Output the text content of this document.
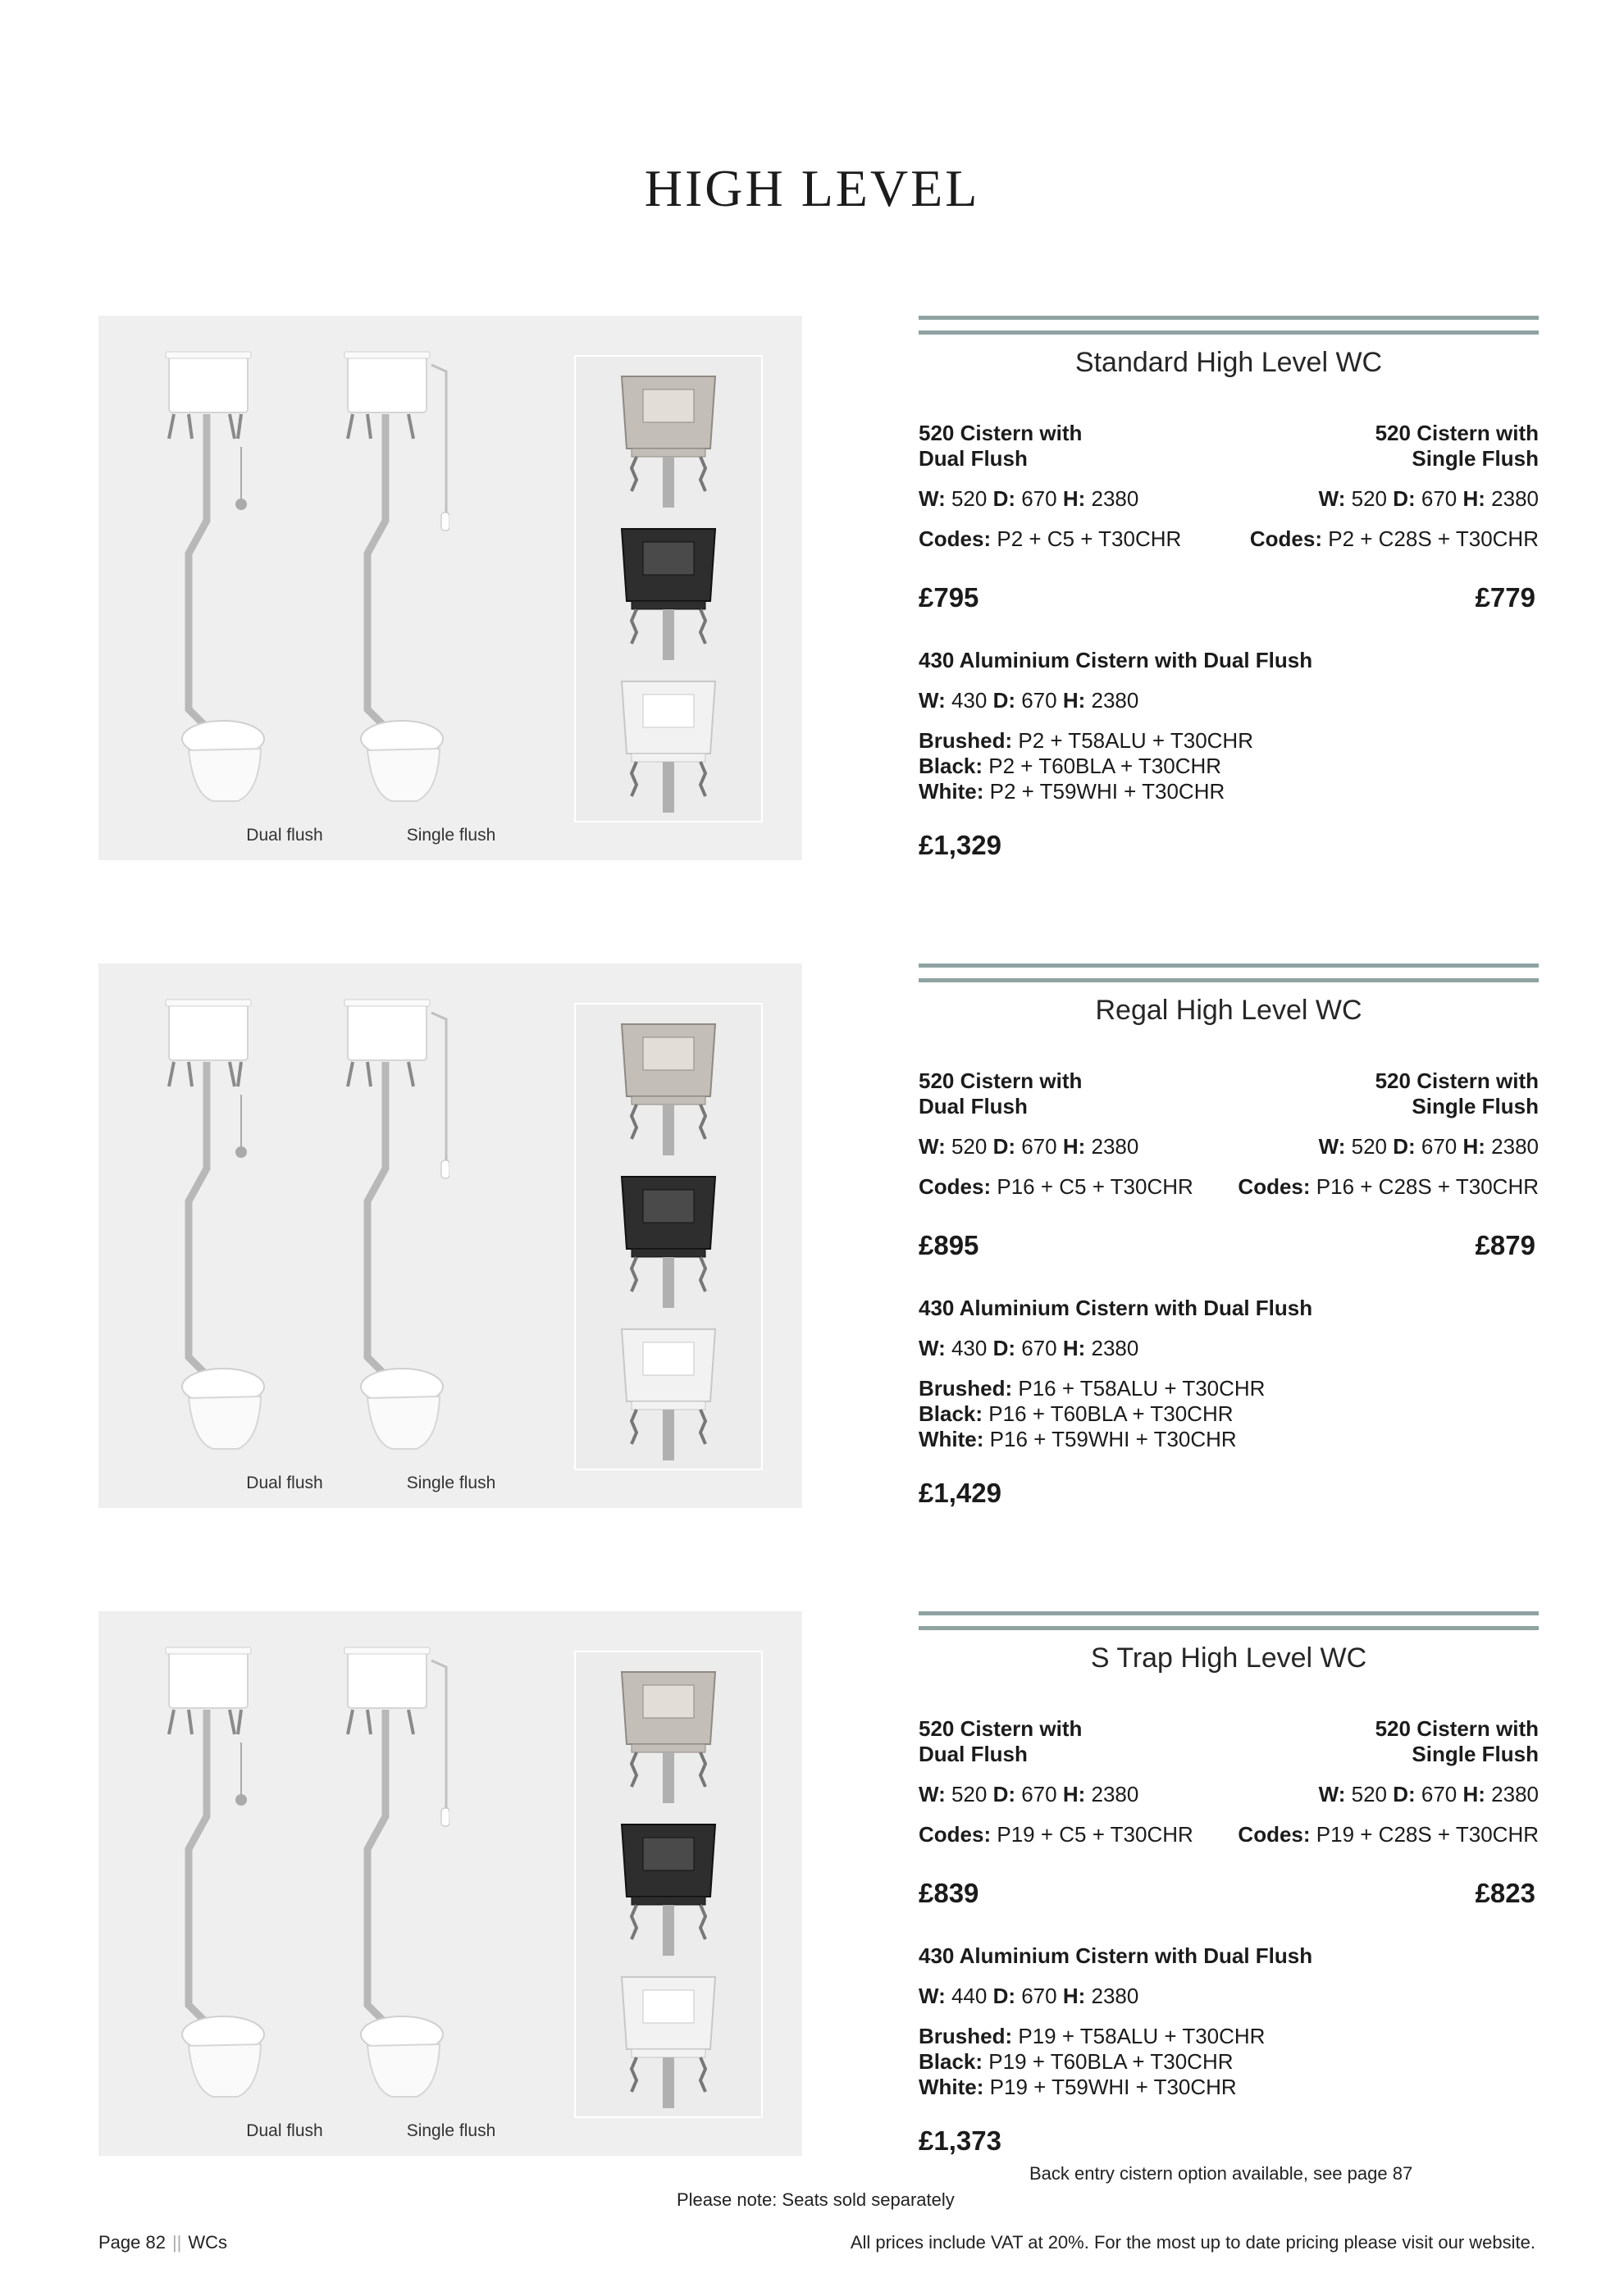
HIGH LEVEL
Dual flush	Single flush
Standard High Level WC
520 Cistern with
Dual Flush
520 Cistern with
Single Flush
W: 520 D: 670 H: 2380	W: 520 D: 670 H: 2380
Codes: P2 + C5 + T30CHR	Codes: P2 + C28S + T30CHR
£795	£779
430 Aluminium Cistern with Dual Flush
W: 430 D: 670 H: 2380
Brushed: P2 + T58ALU + T30CHR
Black: P2 + T60BLA + T30CHR
White: P2 + T59WHI + T30CHR
£1,329
Dual flush	Single flush
Regal High Level WC
520 Cistern with
Dual Flush
520 Cistern with
Single Flush
W: 520 D: 670 H: 2380	W: 520 D: 670 H: 2380
Codes: P16 + C5 + T30CHR Codes: P16 + C28S + T30CHR
£895	£879
430 Aluminium Cistern with Dual Flush
W: 430 D: 670 H: 2380
Brushed: P16 + T58ALU + T30CHR
Black: P16 + T60BLA + T30CHR
White: P16 + T59WHI + T30CHR
£1,429
Dual flush	Single flush
S Trap High Level WC
520 Cistern with
Dual Flush
520 Cistern with
Single Flush
W: 520 D: 670 H: 2380	W: 520 D: 670 H: 2380
Codes: P19 + C5 + T30CHR Codes: P19 + C28S + T30CHR
£839	£823
430 Aluminium Cistern with Dual Flush
W: 440 D: 670 H: 2380
Brushed: P19 + T58ALU + T30CHR
Black: P19 + T60BLA + T30CHR
White: P19 + T59WHI + T30CHR
£1,373
Back entry cistern option available, see page 87
Please note: Seats sold separately
Page 82 || WCs	All prices include VAT at 20%. For the most up to date pricing please visit our website.
